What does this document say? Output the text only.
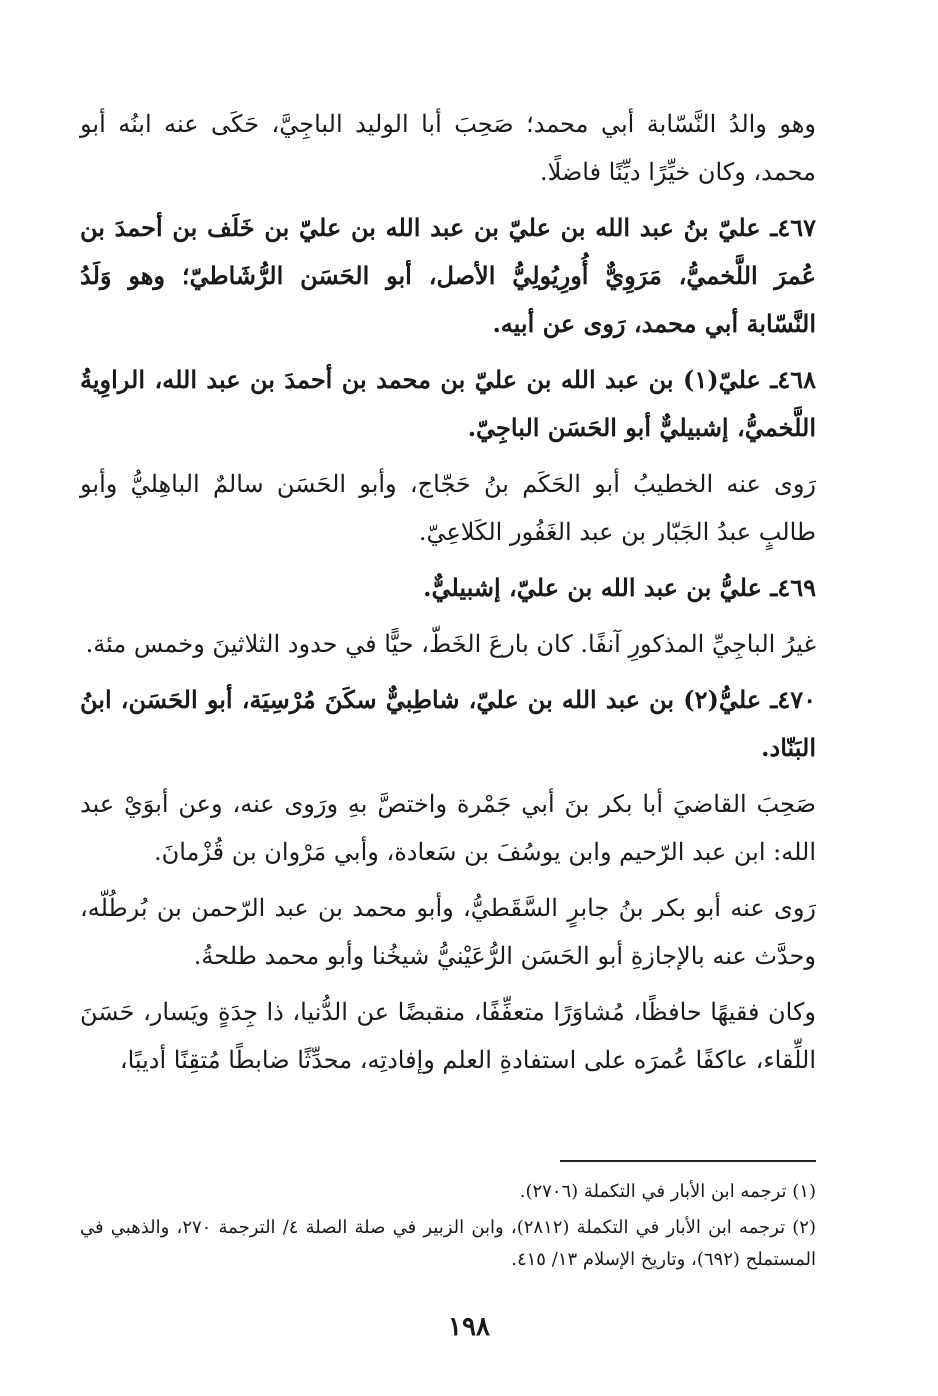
وهو والدُ النَّسّابة أبي محمد؛ صَحِبَ أبا الوليد الباجِيَّ، حَكَى عنه ابنُه أبو محمد، وكان خيِّرًا ديِّنًا فاضلًا.

٤٦٧ـ عليّ بنُ عبد الله بن عليّ بن عبد الله بن عليّ بن خَلَف بن أحمدَ بن عُمرَ اللَّخميُّ، مَرَوِيٌّ أُورِيُولِيُّ الأصل، أبو الحَسَن الرُّشَاطيّ؛ وهو وَلَدُ النَّسّابة أبي محمد، رَوى عن أبيه.

٤٦٨ـ عليّ(١) بن عبد الله بن عليّ بن محمد بن أحمدَ بن عبد الله، الراوِيةُ اللَّخميُّ، إشبيليٌّ أبو الحَسَن الباجِيّ.

رَوى عنه الخطيبُ أبو الحَكَم بنُ حَجّاج، وأبو الحَسَن سالمٌ الباهِليُّ وأبو طالبٍ عبدُ الجَبّار بن عبد الغَفُور الكَلاعِيّ.

٤٦٩ـ عليُّ بن عبد الله بن عليّ، إشبيليٌّ.

غيرُ الباجِيِّ المذكورِ آنفًا. كان بارعَ الخَطّ، حيًّا في حدود الثلاثينَ وخمس مئة.

٤٧٠ـ عليُّ(٢) بن عبد الله بن عليّ، شاطِبيٌّ سكَنَ مُرْسِيَة، أبو الحَسَن، ابنُ البَنّاد.

صَحِبَ القاضيَ أبا بكر بنَ أبي جَمْرة واختصَّ بهِ ورَوى عنه، وعن أبوَيْ عبد الله: ابن عبد الرّحيم وابن يوسُفَ بن سَعادة، وأبي مَرْوان بن قُزْمانَ.

رَوى عنه أبو بكر بنُ جابرٍ السَّقَطيُّ، وأبو محمد بن عبد الرّحمن بن بُرطُلّه، وحدَّث عنه بالإجازةِ أبو الحَسَن الرُّعَيْنيُّ شيخُنا وأبو محمد طلحةُ.

وكان فقيهًا حافظًا، مُشاوَرًا متعفِّفًا، منقبضًا عن الدُّنيا، ذا جِدَةٍ ويَسار، حَسَنَ اللِّقاء، عاكفًا عُمرَه على استفادةِ العلم وإفادتِه، محدِّثًا ضابطًا مُتقِنًا أديبًا،

(١) ترجمه ابن الأبار في التكملة (٢٧٠٦).

(٢) ترجمه ابن الأبار في التكملة (٢٨١٢)، وابن الزبير في صلة الصلة ٤/ الترجمة ٢٧٠، والذهبي في المستملح (٦٩٢)، وتاريخ الإسلام ١٣/ ٤١٥.

١٩٨
